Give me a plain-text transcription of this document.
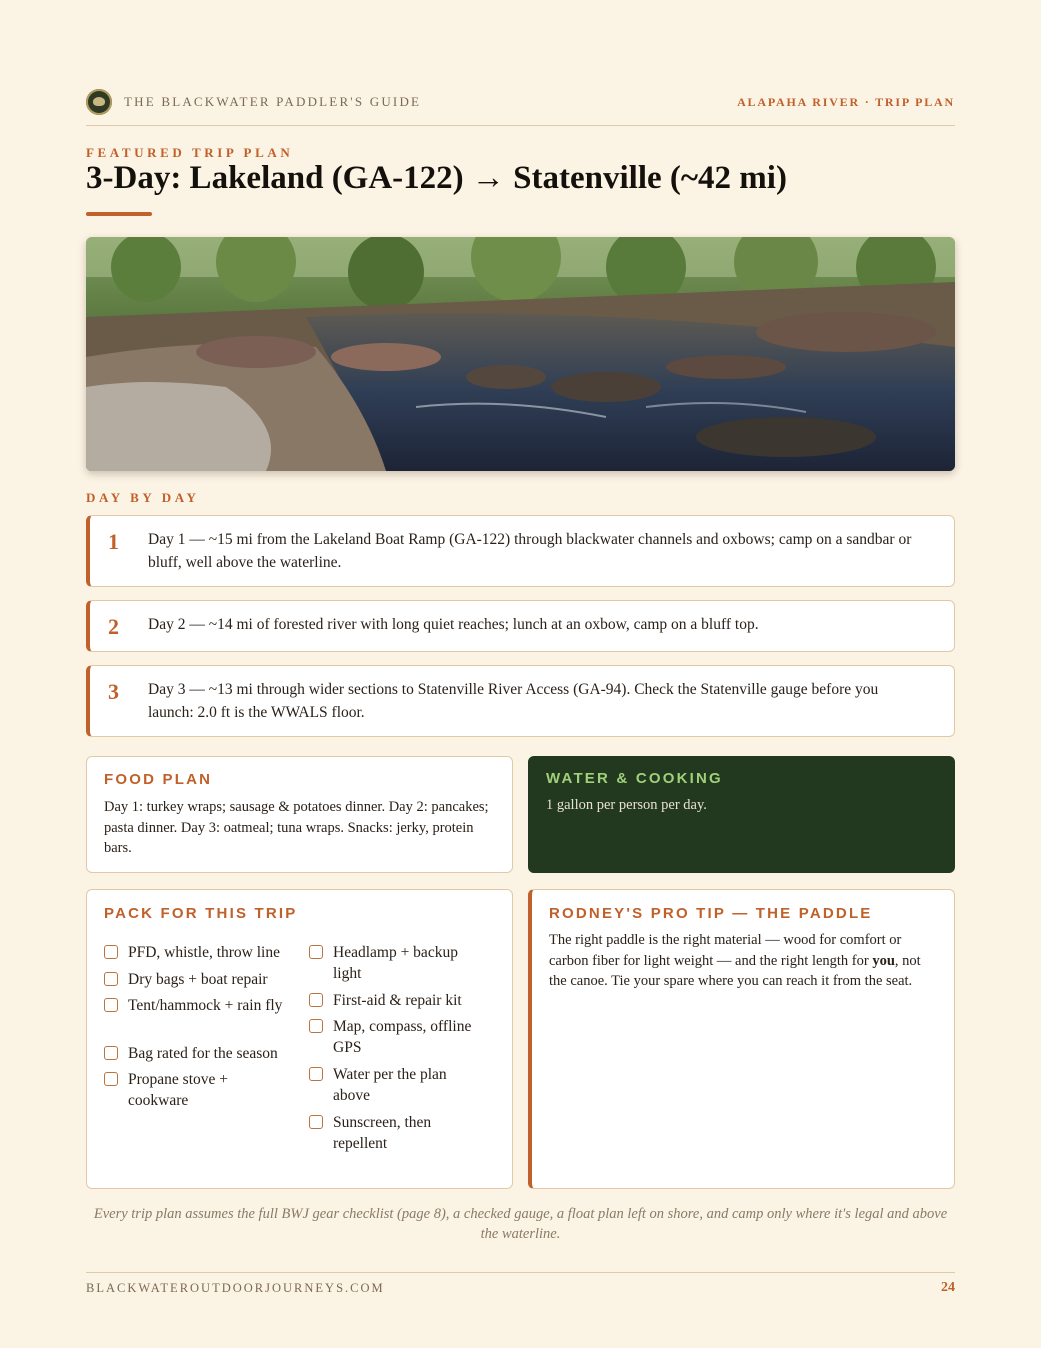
THE BLACKWATER PADDLER'S GUIDE	ALAPAHA RIVER · TRIP PLAN
FEATURED TRIP PLAN
3-Day: Lakeland (GA-122) → Statenville (~42 mi)
DAY BY DAY
1 Day 1 — ~15 mi from the Lakeland Boat Ramp (GA-122) through blackwater channels and oxbows; camp on a sandbar or bluff, well above the waterline.
2 Day 2 — ~14 mi of forested river with long quiet reaches; lunch at an oxbow, camp on a bluff top.
3 Day 3 — ~13 mi through wider sections to Statenville River Access (GA-94). Check the Statenville gauge before you launch: 2.0 ft is the WWALS floor.
FOOD PLAN
Day 1: turkey wraps; sausage & potatoes dinner. Day 2: pancakes; pasta dinner. Day 3: oatmeal; tuna wraps. Snacks: jerky, protein bars.
WATER & COOKING
1 gallon per person per day.
PACK FOR THIS TRIP
PFD, whistle, throw line
Dry bags + boat repair
Tent/hammock + rain fly
Bag rated for the season
Propane stove + cookware
Headlamp + backup light
First-aid & repair kit
Map, compass, offline GPS
Water per the plan above
Sunscreen, then repellent
RODNEY'S PRO TIP — THE PADDLE
The right paddle is the right material — wood for comfort or carbon fiber for light weight — and the right length for you, not the canoe. Tie your spare where you can reach it from the seat.
Every trip plan assumes the full BWJ gear checklist (page 8), a checked gauge, a float plan left on shore, and camp only where it's legal and above the waterline.
BLACKWATEROUTDOORJOURNEYS.COM	24
